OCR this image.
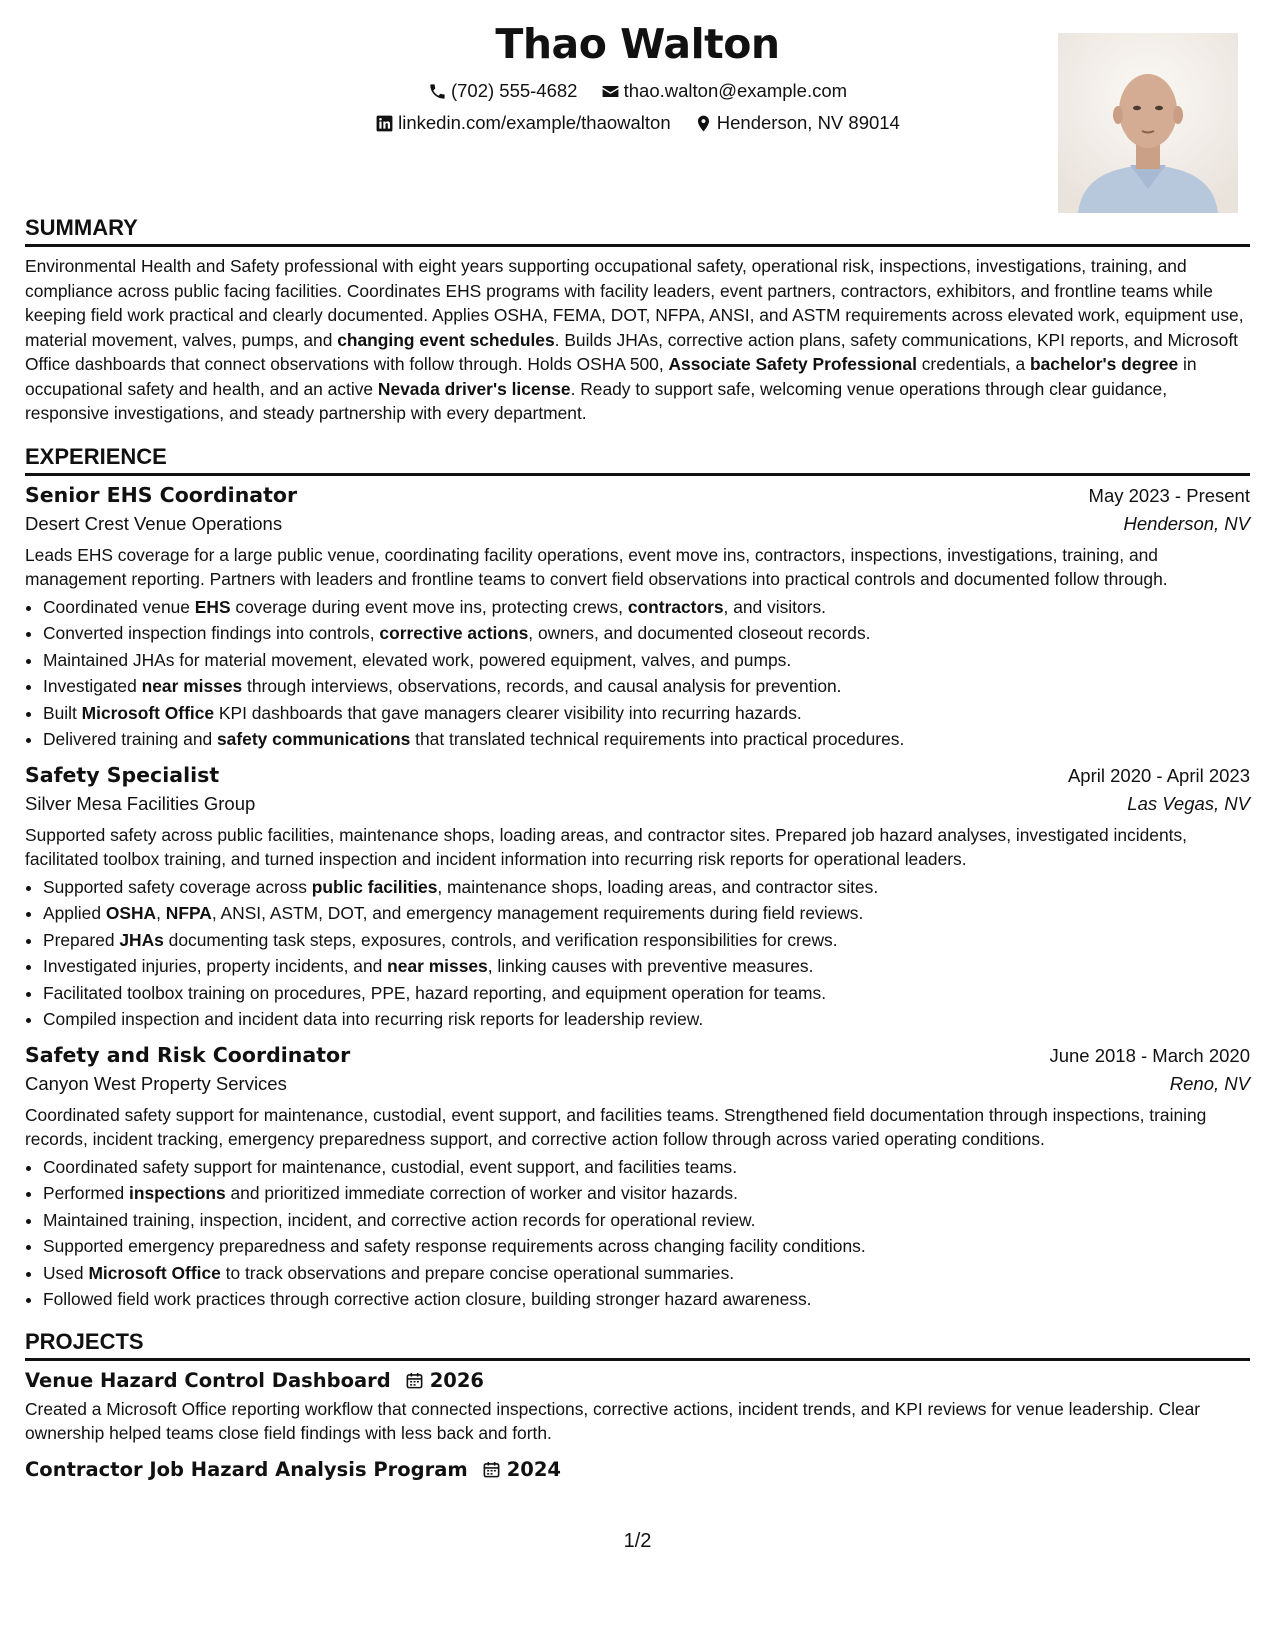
Thao Walton
(702) 555-4682
thao.walton@example.com
linkedin.com/example/thaowalton
Henderson, NV 89014
SUMMARY

Environmental Health and Safety professional with eight years supporting occupational safety, operational risk, inspections, investigations, training, and compliance across public facing facilities. Coordinates EHS programs with facility leaders, event partners, contractors, exhibitors, and frontline teams while keeping field work practical and clearly documented. Applies OSHA, FEMA, DOT, NFPA, ANSI, and ASTM requirements across elevated work, equipment use, material movement, valves, pumps, and changing event schedules. Builds JHAs, corrective action plans, safety communications, KPI reports, and Microsoft Office dashboards that connect observations with follow through. Holds OSHA 500, Associate Safety Professional credentials, a bachelor's degree in occupational safety and health, and an active Nevada driver's license. Ready to support safe, welcoming venue operations through clear guidance, responsive investigations, and steady partnership with every department.

EXPERIENCE
Senior EHS Coordinator	May 2023 - Present
Desert Crest Venue Operations	Henderson, NV

Leads EHS coverage for a large public venue, coordinating facility operations, event move ins, contractors, inspections, investigations, training, and management reporting. Partners with leaders and frontline teams to convert field observations into practical controls and documented follow through.

• Coordinated venue EHS coverage during event move ins, protecting crews, contractors, and visitors.
• Converted inspection findings into controls, corrective actions, owners, and documented closeout records.
• Maintained JHAs for material movement, elevated work, powered equipment, valves, and pumps.
• Investigated near misses through interviews, observations, records, and causal analysis for prevention.
• Built Microsoft Office KPI dashboards that gave managers clearer visibility into recurring hazards.
• Delivered training and safety communications that translated technical requirements into practical procedures.
Safety Specialist	April 2020 - April 2023
Silver Mesa Facilities Group	Las Vegas, NV

Supported safety across public facilities, maintenance shops, loading areas, and contractor sites. Prepared job hazard analyses, investigated incidents, facilitated toolbox training, and turned inspection and incident information into recurring risk reports for operational leaders.

• Supported safety coverage across public facilities, maintenance shops, loading areas, and contractor sites.
• Applied OSHA, NFPA, ANSI, ASTM, DOT, and emergency management requirements during field reviews.
• Prepared JHAs documenting task steps, exposures, controls, and verification responsibilities for crews.
• Investigated injuries, property incidents, and near misses, linking causes with preventive measures.
• Facilitated toolbox training on procedures, PPE, hazard reporting, and equipment operation for teams.
• Compiled inspection and incident data into recurring risk reports for leadership review.
Safety and Risk Coordinator	June 2018 - March 2020
Canyon West Property Services	Reno, NV

Coordinated safety support for maintenance, custodial, event support, and facilities teams. Strengthened field documentation through inspections, training records, incident tracking, emergency preparedness support, and corrective action follow through across varied operating conditions.

• Coordinated safety support for maintenance, custodial, event support, and facilities teams.
• Performed inspections and prioritized immediate correction of worker and visitor hazards.
• Maintained training, inspection, incident, and corrective action records for operational review.
• Supported emergency preparedness and safety response requirements across changing facility conditions.
• Used Microsoft Office to track observations and prepare concise operational summaries.
• Followed field work practices through corrective action closure, building stronger hazard awareness.
PROJECTS
Venue Hazard Control Dashboard 2026

Created a Microsoft Office reporting workflow that connected inspections, corrective actions, incident trends, and KPI reviews for venue leadership. Clear ownership helped teams close field findings with less back and forth.

Contractor Job Hazard Analysis Program 2024
1/2
